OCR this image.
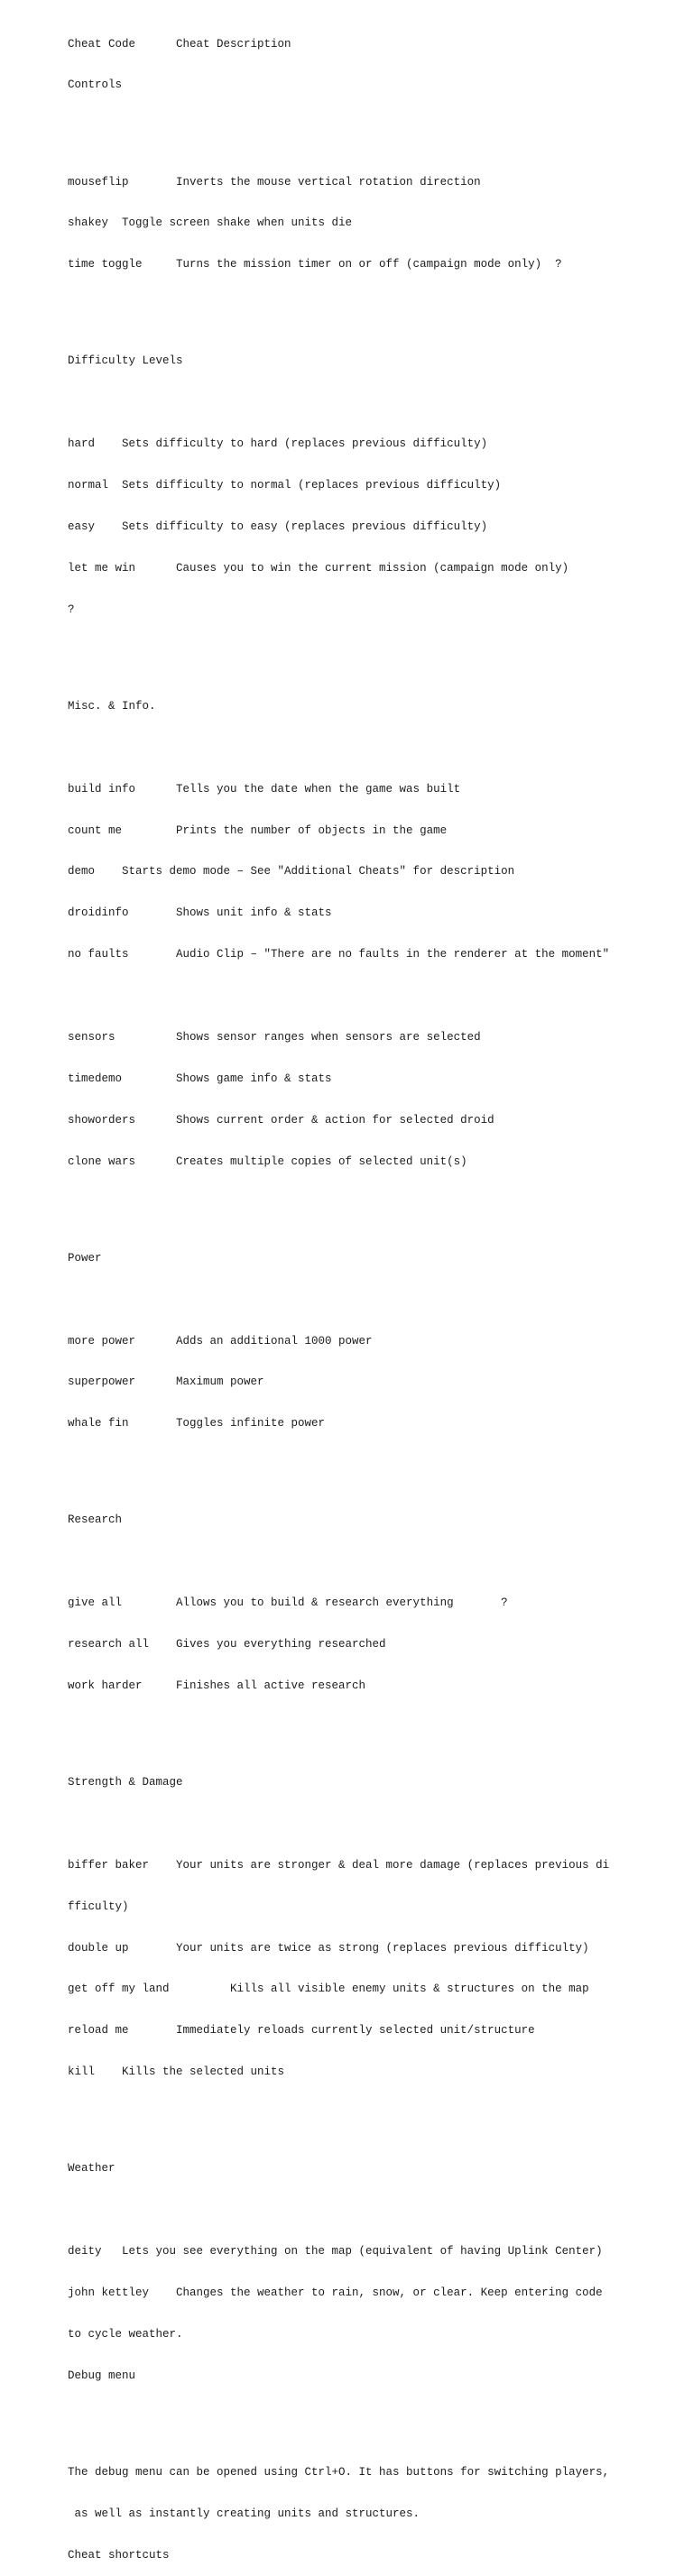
Cheat Code      Cheat Description

Controls

mouseflip       Inverts the mouse vertical rotation direction

shakey  Toggle screen shake when units die

time toggle     Turns the mission timer on or off (campaign mode only)  ?

Difficulty Levels

hard    Sets difficulty to hard (replaces previous difficulty)

normal  Sets difficulty to normal (replaces previous difficulty)

easy    Sets difficulty to easy (replaces previous difficulty)

let me win      Causes you to win the current mission (campaign mode only)

?

Misc. & Info.

build info      Tells you the date when the game was built

count me        Prints the number of objects in the game

demo    Starts demo mode – See "Additional Cheats" for description

droidinfo       Shows unit info & stats

no faults       Audio Clip – "There are no faults in the renderer at the moment"

sensors         Shows sensor ranges when sensors are selected

timedemo        Shows game info & stats

showorders      Shows current order & action for selected droid

clone wars      Creates multiple copies of selected unit(s)

Power

more power      Adds an additional 1000 power

superpower      Maximum power

whale fin       Toggles infinite power

Research

give all        Allows you to build & research everything       ?

research all    Gives you everything researched

work harder     Finishes all active research

Strength & Damage

biffer baker    Your units are stronger & deal more damage (replaces previous di

fficulty)

double up       Your units are twice as strong (replaces previous difficulty)

get off my land         Kills all visible enemy units & structures on the map

reload me       Immediately reloads currently selected unit/structure

kill    Kills the selected units

Weather

deity   Lets you see everything on the map (equivalent of having Uplink Center)

john kettley    Changes the weather to rain, snow, or clear. Keep entering code

to cycle weather.

Debug menu

The debug menu can be opened using Ctrl+O. It has buttons for switching players,

as well as instantly creating units and structures.

Cheat shortcuts
